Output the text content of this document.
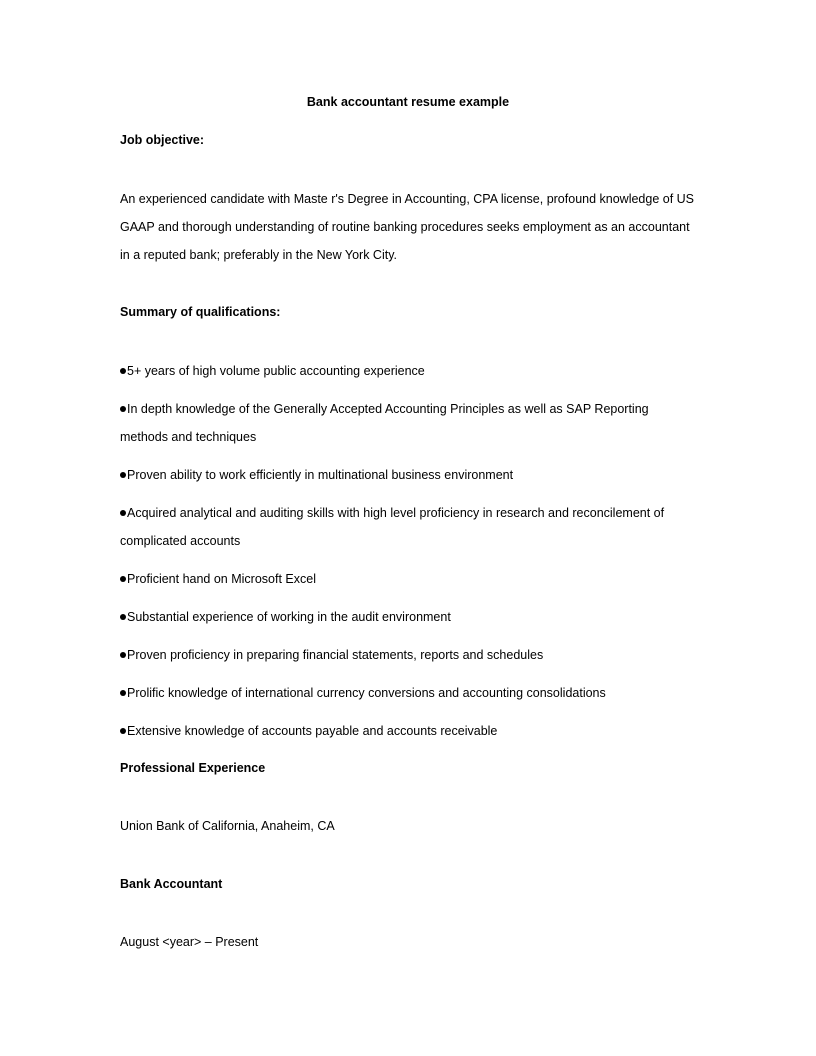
Bank accountant resume example
Job objective:
An experienced candidate with Maste r's Degree in Accounting, CPA license, profound knowledge of US GAAP and thorough understanding of routine banking procedures seeks employment as an accountant in a reputed bank; preferably in the New York City.
Summary of qualifications:
5+ years of high volume public accounting experience
In depth knowledge of the Generally Accepted Accounting Principles as well as SAP Reporting methods and techniques
Proven ability to work efficiently in multinational business environment
Acquired analytical and auditing skills with high level proficiency in research and reconcilement of complicated accounts
Proficient hand on Microsoft Excel
Substantial experience of working in the audit environment
Proven proficiency in preparing financial statements, reports and schedules
Prolific knowledge of international currency conversions and accounting consolidations
Extensive knowledge of accounts payable and accounts receivable
Professional Experience
Union Bank of California, Anaheim, CA
Bank Accountant
August <year> – Present
